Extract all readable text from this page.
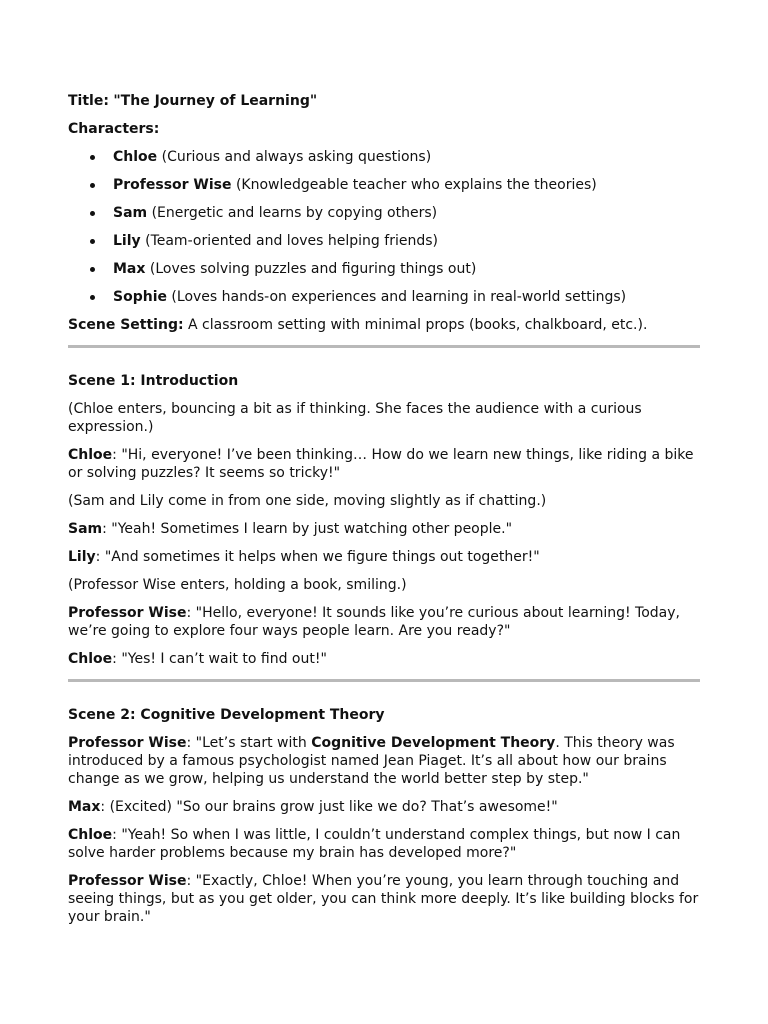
Title: "The Journey of Learning"

Characters:

Chloe (Curious and always asking questions)
Professor Wise (Knowledgeable teacher who explains the theories)
Sam (Energetic and learns by copying others)
Lily (Team-oriented and loves helping friends)
Max (Loves solving puzzles and figuring things out)
Sophie (Loves hands-on experiences and learning in real-world settings)

Scene Setting: A classroom setting with minimal props (books, chalkboard, etc.).

Scene 1: Introduction

(Chloe enters, bouncing a bit as if thinking. She faces the audience with a curious expression.)

Chloe: "Hi, everyone! I’ve been thinking… How do we learn new things, like riding a bike or solving puzzles? It seems so tricky!"

(Sam and Lily come in from one side, moving slightly as if chatting.)

Sam: "Yeah! Sometimes I learn by just watching other people."

Lily: "And sometimes it helps when we figure things out together!"

(Professor Wise enters, holding a book, smiling.)

Professor Wise: "Hello, everyone! It sounds like you’re curious about learning! Today, we’re going to explore four ways people learn. Are you ready?"

Chloe: "Yes! I can’t wait to find out!"

Scene 2: Cognitive Development Theory

Professor Wise: "Let’s start with Cognitive Development Theory. This theory was introduced by a famous psychologist named Jean Piaget. It’s all about how our brains change as we grow, helping us understand the world better step by step."

Max: (Excited) "So our brains grow just like we do? That’s awesome!"

Chloe: "Yeah! So when I was little, I couldn’t understand complex things, but now I can solve harder problems because my brain has developed more?"

Professor Wise: "Exactly, Chloe! When you’re young, you learn through touching and seeing things, but as you get older, you can think more deeply. It’s like building blocks for your brain."
